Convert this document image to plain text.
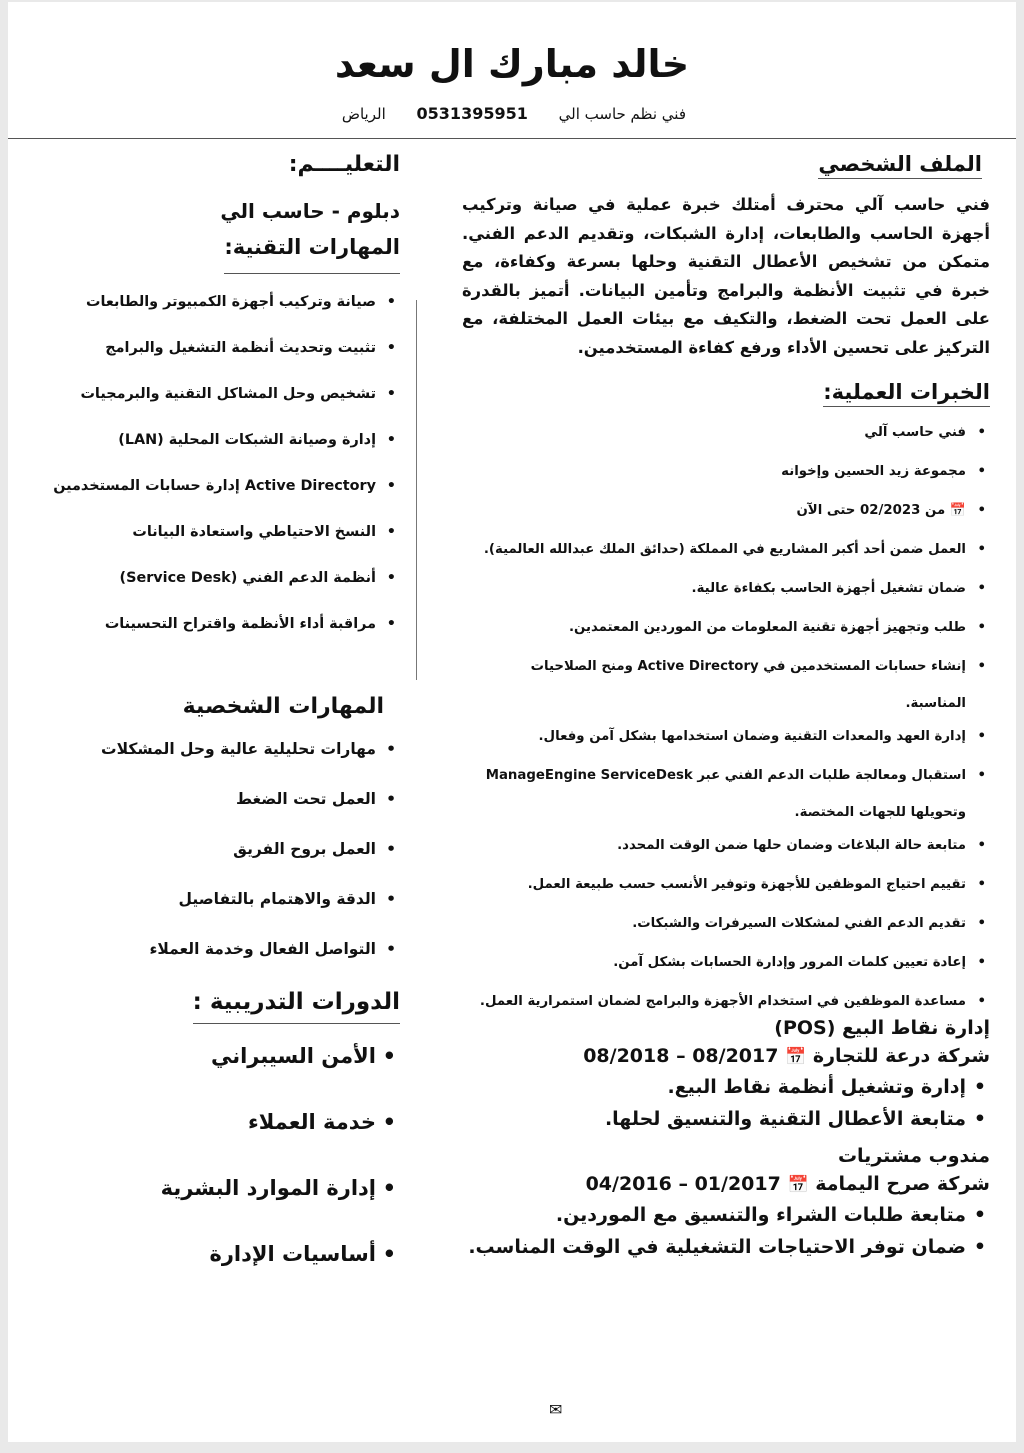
خالد مبارك ال سعد
فني نظم حاسب الي 0531395951 الرياض
الملف الشخصي
فني حاسب آلي محترف أمتلك خبرة عملية في صيانة وتركيب أجهزة الحاسب والطابعات، إدارة الشبكات، وتقديم الدعم الفني. متمكن من تشخيص الأعطال التقنية وحلها بسرعة وكفاءة، مع خبرة في تثبيت الأنظمة والبرامج وتأمين البيانات. أتميز بالقدرة على العمل تحت الضغط، والتكيف مع بيئات العمل المختلفة، مع التركيز على تحسين الأداء ورفع كفاءة المستخدمين.
الخبرات العملية:
• فني حاسب آلي
• مجموعة زيد الحسين وإخوانه
• 📅 من 02/2023 حتى الآن
• العمل ضمن أحد أكبر المشاريع في المملكة (حدائق الملك عبدالله العالمية).
• ضمان تشغيل أجهزة الحاسب بكفاءة عالية.
• طلب وتجهيز أجهزة تقنية المعلومات من الموردين المعتمدين.
• إنشاء حسابات المستخدمين في Active Directory ومنح الصلاحيات
المناسبة.
• إدارة العهد والمعدات التقنية وضمان استخدامها بشكل آمن وفعال.
• استقبال ومعالجة طلبات الدعم الفني عبر ManageEngine ServiceDesk
وتحويلها للجهات المختصة.
• متابعة حالة البلاغات وضمان حلها ضمن الوقت المحدد.
• تقييم احتياج الموظفين للأجهزة وتوفير الأنسب حسب طبيعة العمل.
• تقديم الدعم الفني لمشكلات السيرفرات والشبكات.
• إعادة تعيين كلمات المرور وإدارة الحسابات بشكل آمن.
• مساعدة الموظفين في استخدام الأجهزة والبرامج لضمان استمرارية العمل.

إدارة نقاط البيع (POS)

شركة درعة للتجارة 📅 08/2017 – 08/2018

• إدارة وتشغيل أنظمة نقاط البيع.
• متابعة الأعطال التقنية والتنسيق لحلها.

مندوب مشتريات

شركة صرح اليمامة 📅 01/2017 – 04/2016

• متابعة طلبات الشراء والتنسيق مع الموردين.
• ضمان توفر الاحتياجات التشغيلية في الوقت المناسب.
التعليــــم:
دبلوم - حاسب الي
المهارات التقنية:
• صيانة وتركيب أجهزة الكمبيوتر والطابعات
• تثبيت وتحديث أنظمة التشغيل والبرامج
• تشخيص وحل المشاكل التقنية والبرمجيات
• إدارة وصيانة الشبكات المحلية (LAN)
• Active Directory إدارة حسابات المستخدمين
• النسخ الاحتياطي واستعادة البيانات
• أنظمة الدعم الفني (Service Desk)
• مراقبة أداء الأنظمة واقتراح التحسينات
المهارات الشخصية
• مهارات تحليلية عالية وحل المشكلات
• العمل تحت الضغط
• العمل بروح الفريق
• الدقة والاهتمام بالتفاصيل
• التواصل الفعال وخدمة العملاء
الدورات التدريبية :
• الأمن السيبراني
• خدمة العملاء
• إدارة الموارد البشرية
• أساسيات الإدارة
✉
